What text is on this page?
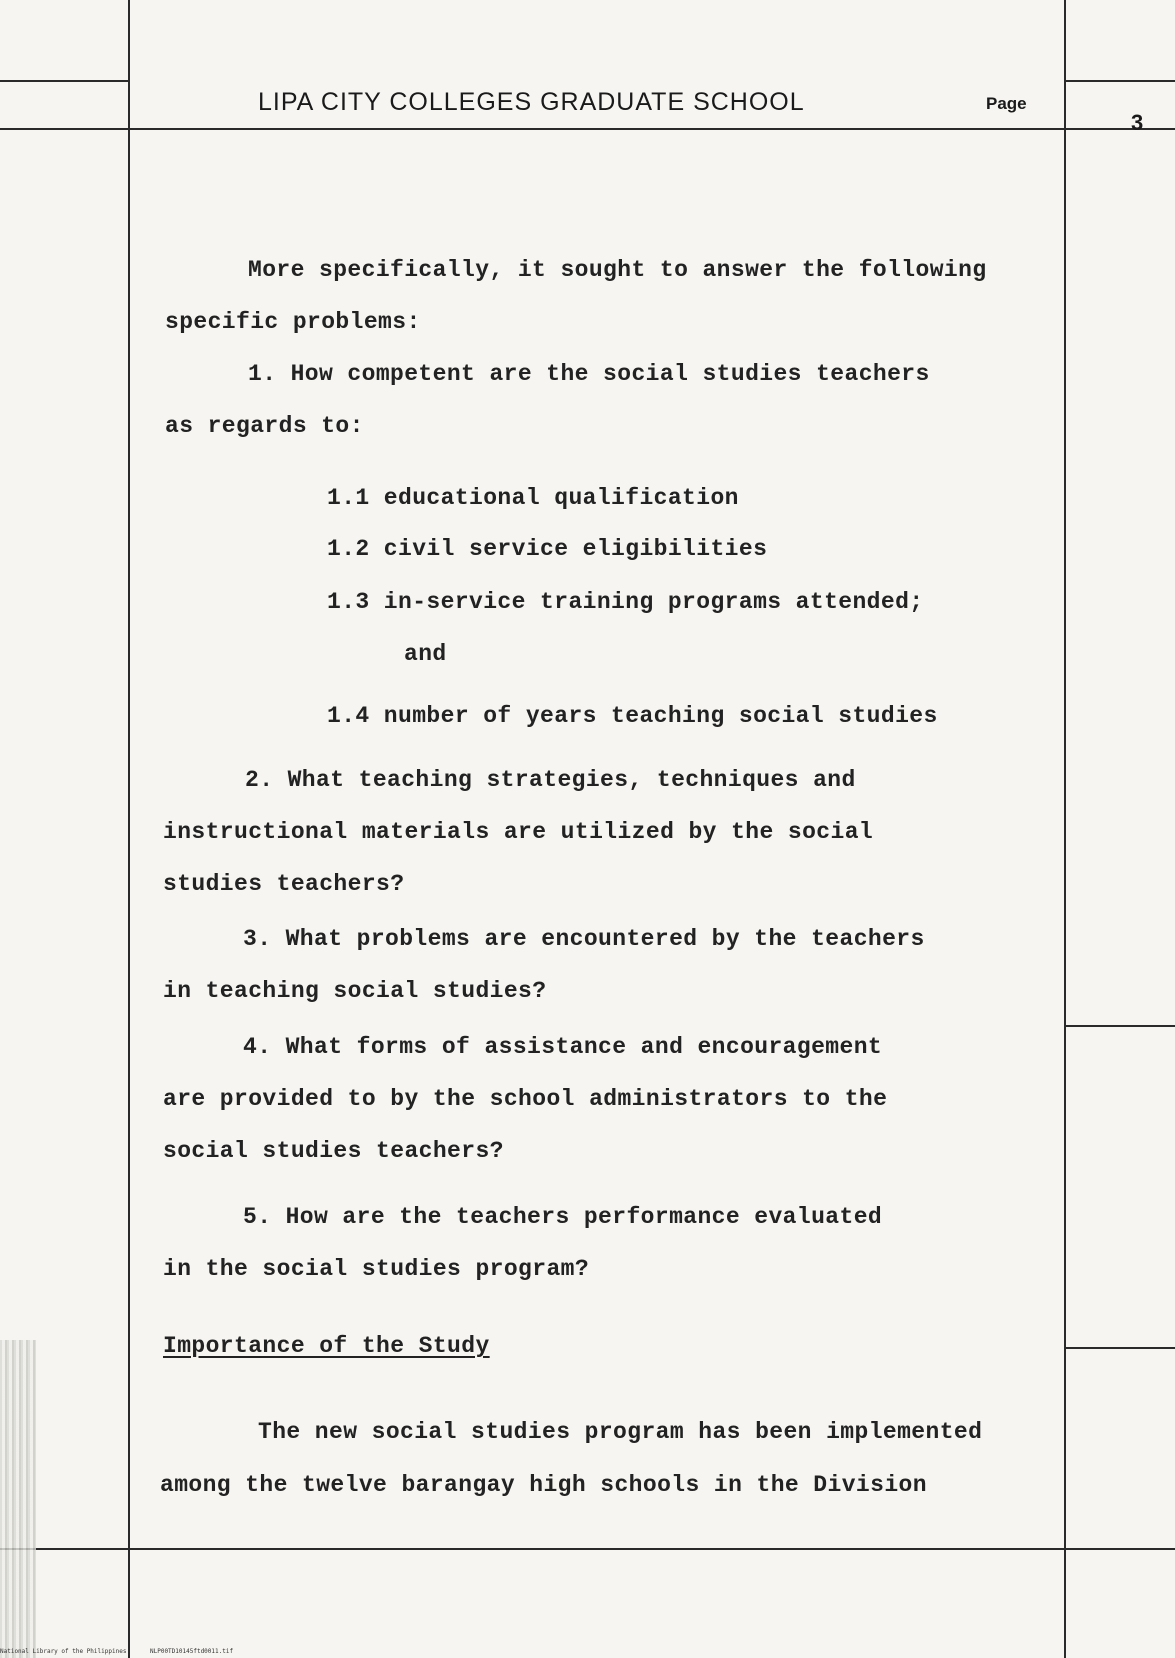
LIPA CITY COLLEGES GRADUATE SCHOOL	Page
3
More specifically, it sought to answer the following
specific problems:
1. How competent are the social studies teachers
as regards to:
1.1 educational qualification
1.2 civil service eligibilities
1.3 in-service training programs attended;
and
1.4 number of years teaching social studies
2. What teaching strategies, techniques and
instructional materials are utilized by the social
studies teachers?
3. What problems are encountered by the teachers
in teaching social studies?
4. What forms of assistance and encouragement
are provided to by the school administrators to the
social studies teachers?
5. How are the teachers performance evaluated
in the social studies program?
Importance of the Study
The new social studies program has been implemented
among the twelve barangay high schools in the Division
National Library of the Philippines	NLP00TD10145ftd0011.tif
